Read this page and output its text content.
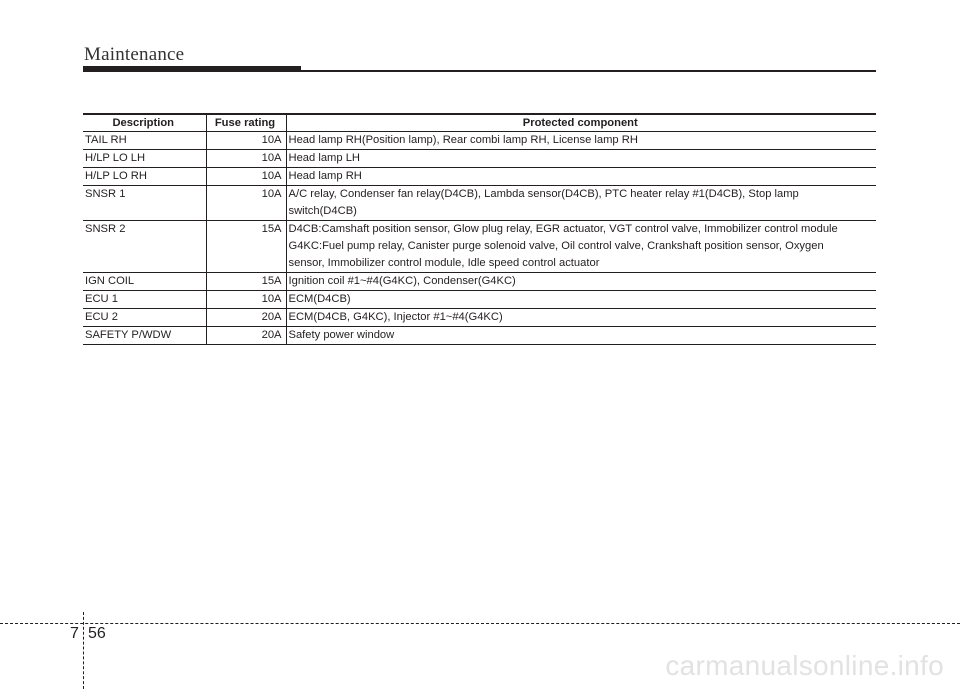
Maintenance
Description	Fuse rating	Protected component
TAIL RH	10A	Head lamp RH(Position lamp), Rear combi lamp RH, License lamp RH

H/LP LO LH	10A	Head lamp LH

H/LP LO RH	10A	Head lamp RH

SNSR 1	10A	A/C relay, Condenser fan relay(D4CB), Lambda sensor(D4CB), PTC heater relay #1(D4CB), Stop lamp
switch(D4CB)

SNSR 2	15A	D4CB:Camshaft position sensor, Glow plug relay, EGR actuator, VGT control valve, Immobilizer control module
G4KC:Fuel pump relay, Canister purge solenoid valve, Oil control valve, Crankshaft position sensor, Oxygen
sensor, Immobilizer control module, Idle speed control actuator

IGN COIL	15A	Ignition coil #1~#4(G4KC), Condenser(G4KC)

ECU 1	10A	ECM(D4CB)

ECU 2	20A	ECM(D4CB, G4KC), Injector #1~#4(G4KC)

SAFETY P/WDW	20A	Safety power window
7 56
carmanualsonline.info
